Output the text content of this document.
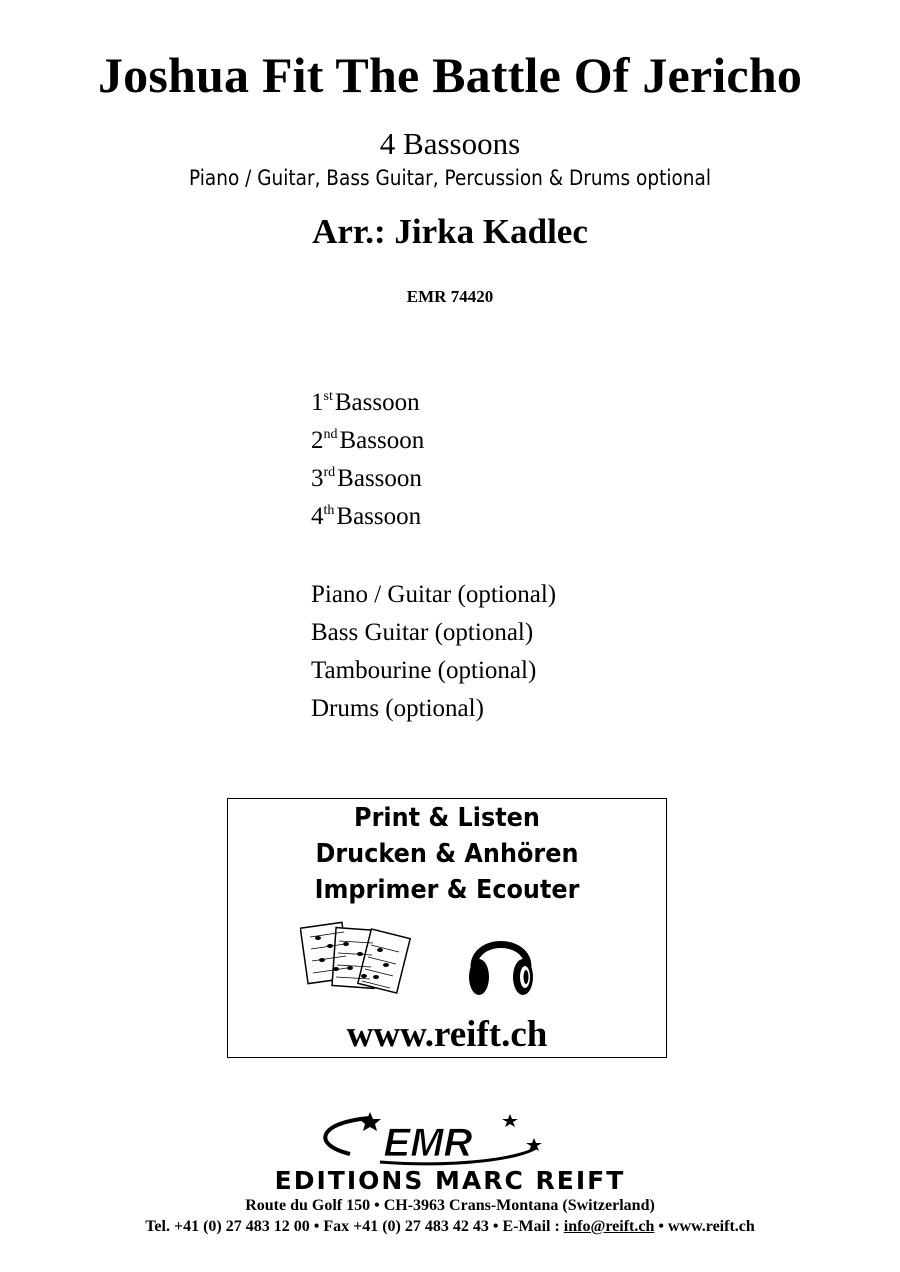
Joshua Fit The Battle Of Jericho
4 Bassoons
Piano / Guitar, Bass Guitar, Percussion & Drums optional
Arr.: Jirka Kadlec
EMR 74420
1stBassoon
2ndBassoon
3rdBassoon
4thBassoon
Piano / Guitar (optional)
Bass Guitar (optional)
Tambourine (optional)
Drums (optional)
Print & Listen
Drucken & Anhören
Imprimer & Ecouter
www.reift.ch
EMR
EDITIONS MARC REIFT
Route du Golf 150 • CH-3963 Crans-Montana (Switzerland)
Tel. +41 (0) 27 483 12 00 • Fax +41 (0) 27 483 42 43 • E-Mail : info@reift.ch • www.reift.ch
